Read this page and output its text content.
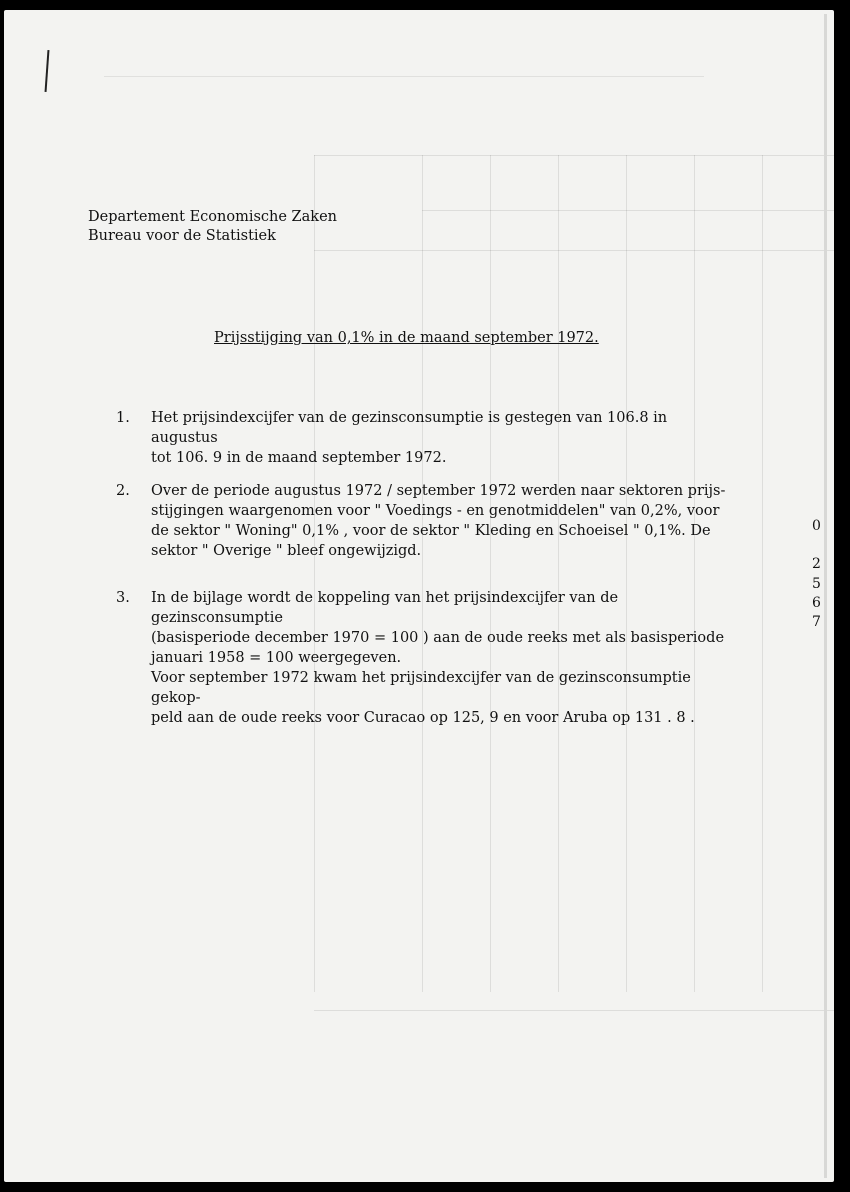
Departement Economische Zaken
Bureau voor de Statistiek
Prijsstijging van 0,1% in de maand september 1972.
1.	Het prijsindexcijfer van de gezinsconsumptie is gestegen van 106.8 in augustus
tot 106. 9 in de maand september 1972.
2.	Over de periode augustus 1972 / september 1972 werden naar sektoren prijs-
stijgingen waargenomen voor " Voedings - en genotmiddelen" van 0,2%, voor
de sektor " Woning" 0,1% , voor de sektor " Kleding en Schoeisel " 0,1%. De
sektor " Overige " bleef ongewijzigd.
3.	In de bijlage wordt de koppeling van het prijsindexcijfer van de gezinsconsumptie
(basisperiode december 1970 = 100 ) aan de oude reeks met als basisperiode
januari 1958 = 100 weergegeven.
Voor september 1972 kwam het prijsindexcijfer van de gezinsconsumptie gekop-
peld aan de oude reeks voor Curacao op 125, 9 en voor Aruba op 131 . 8 .
0
2
5
6
7
